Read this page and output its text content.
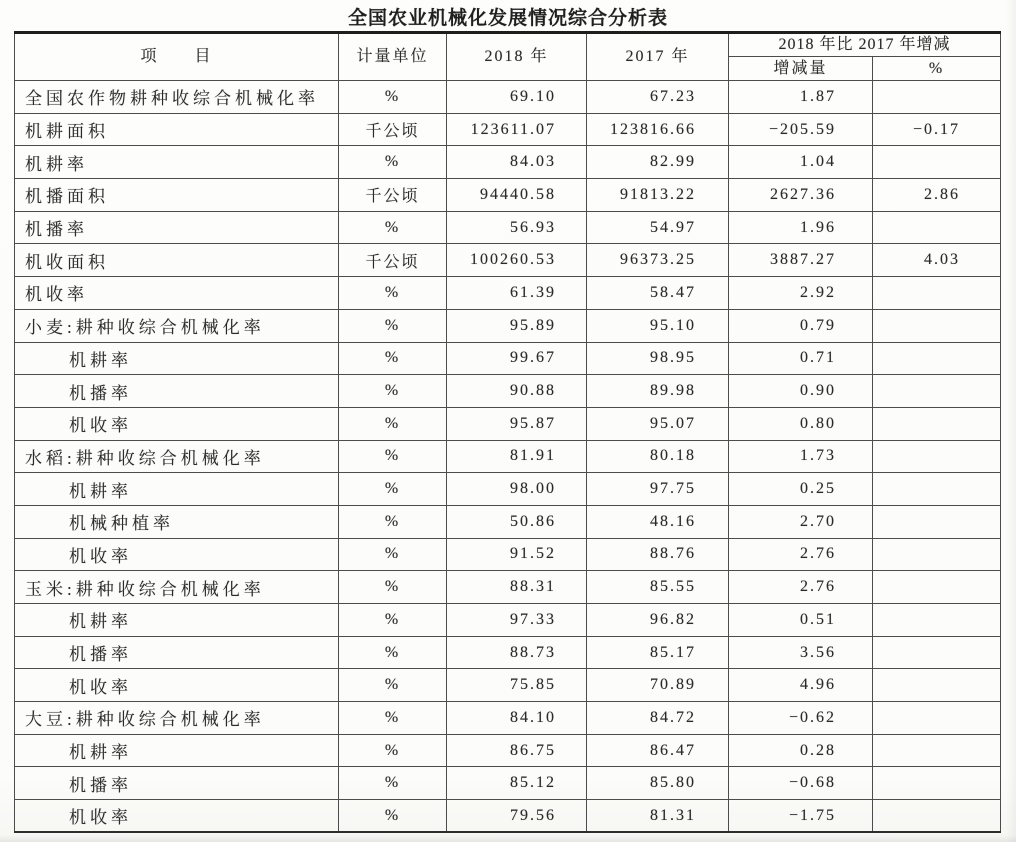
全国农业机械化发展情况综合分析表
项　　目	计量单位	2018 年	2017 年	2018 年比 2017 年增减	
				增减量	%
全国农作物耕种收综合机械化率	%	69.10	67.23	1.87	
机耕面积	千公顷	123611.07	123816.66	−205.59	−0.17
机耕率	%	84.03	82.99	1.04	
机播面积	千公顷	94440.58	91813.22	2627.36	2.86
机播率	%	56.93	54.97	1.96	
机收面积	千公顷	100260.53	96373.25	3887.27	4.03
机收率	%	61.39	58.47	2.92	
小麦:耕种收综合机械化率	%	95.89	95.10	0.79	
机耕率	%	99.67	98.95	0.71	
机播率	%	90.88	89.98	0.90	
机收率	%	95.87	95.07	0.80	
水稻:耕种收综合机械化率	%	81.91	80.18	1.73	
机耕率	%	98.00	97.75	0.25	
机械种植率	%	50.86	48.16	2.70	
机收率	%	91.52	88.76	2.76	
玉米:耕种收综合机械化率	%	88.31	85.55	2.76	
机耕率	%	97.33	96.82	0.51	
机播率	%	88.73	85.17	3.56	
机收率	%	75.85	70.89	4.96	
大豆:耕种收综合机械化率	%	84.10	84.72	−0.62	
机耕率	%	86.75	86.47	0.28	
机播率	%	85.12	85.80	−0.68	
机收率	%	79.56	81.31	−1.75	
